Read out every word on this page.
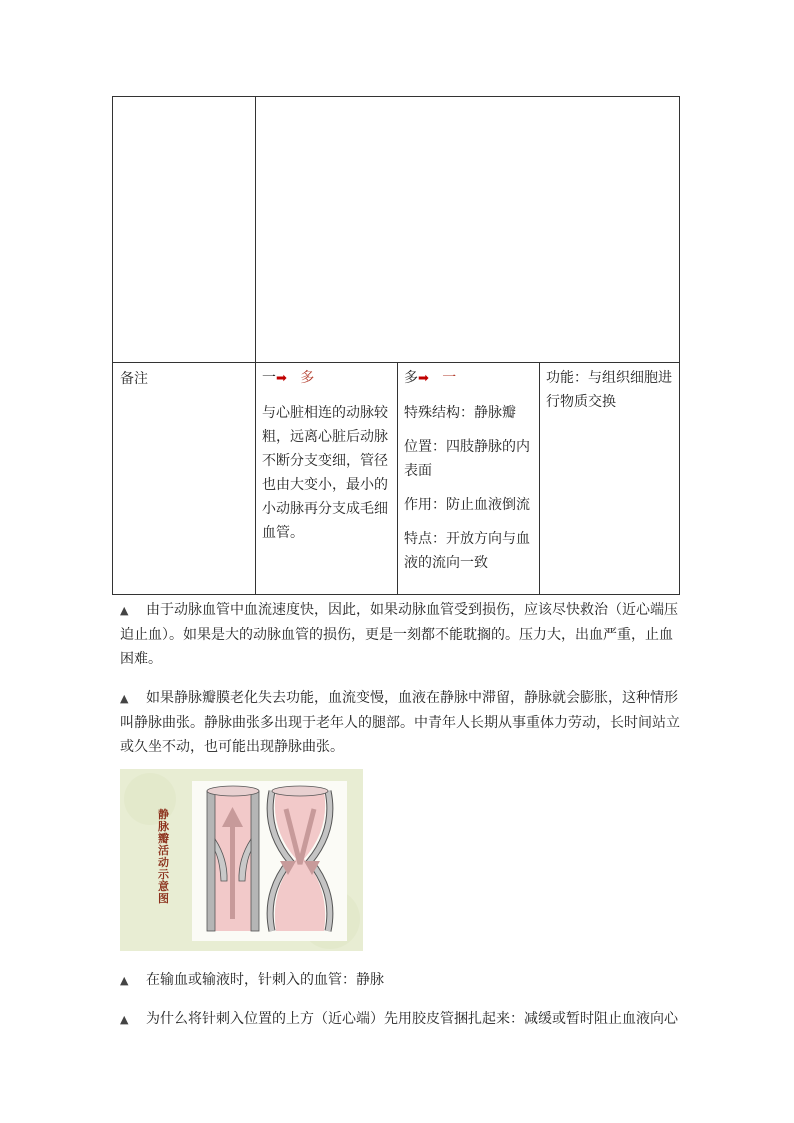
备注	一➡ 多
与心脏相连的动脉较粗，远离心脏后动脉不断分支变细，管径也由大变小，最小的小动脉再分支成毛细血管。
多➡ 一
特殊结构：静脉瓣
位置：四肢静脉的内表面
作用：防止血液倒流
特点：开放方向与血液的流向一致
功能：与组织细胞进行物质交换
▲ 由于动脉血管中血流速度快，因此，如果动脉血管受到损伤，应该尽快救治（近心端压迫止血）。如果是大的动脉血管的损伤，更是一刻都不能耽搁的。压力大，出血严重，止血困难。
▲ 如果静脉瓣膜老化失去功能，血流变慢，血液在静脉中滞留，静脉就会膨胀，这种情形叫静脉曲张。静脉曲张多出现于老年人的腿部。中青年人长期从事重体力劳动，长时间站立或久坐不动，也可能出现静脉曲张。
静脉瓣活动示意图
▲ 在输血或输液时，针刺入的血管：静脉
▲ 为什么将针刺入位置的上方（近心端）先用胶皮管捆扎起来：减缓或暂时阻止血液向心
